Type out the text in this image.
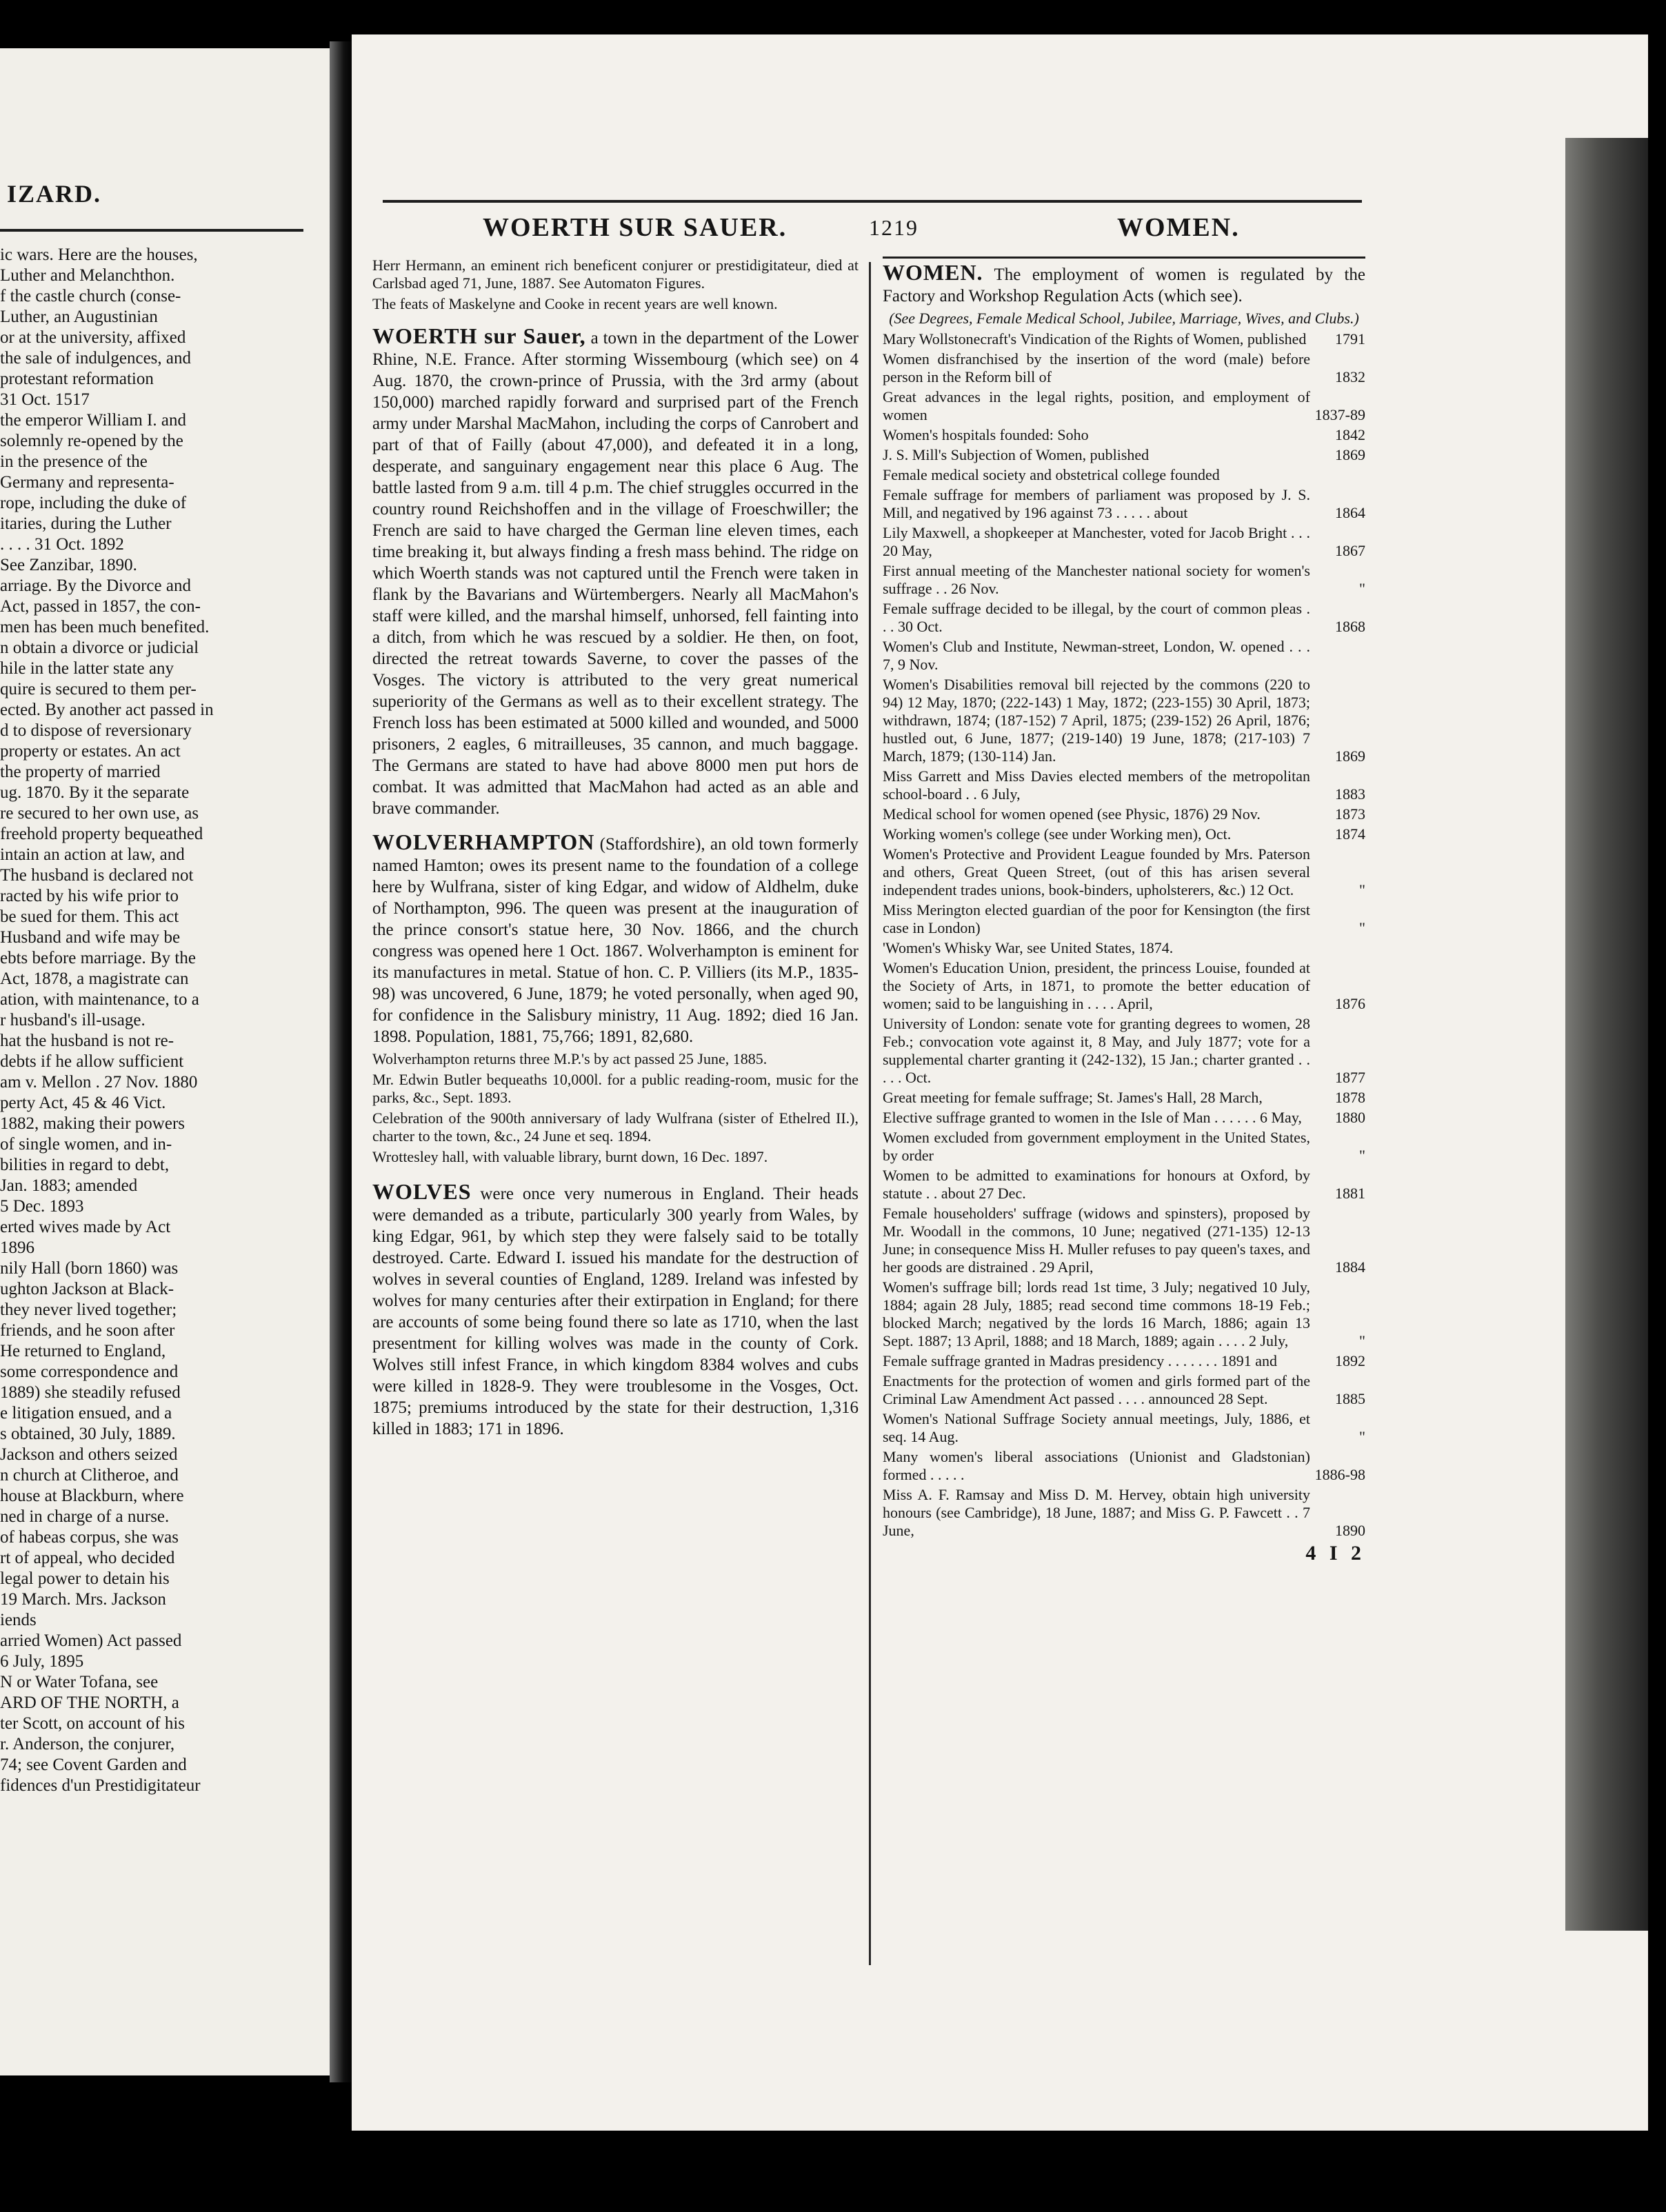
IZARD.

ic wars. Here are the houses,

Luther and Melanchthon.

f the castle church (conse-

Luther, an Augustinian

or at the university, affixed

the sale of indulgences, and

protestant reformation

31 Oct. 1517

the emperor William I. and

solemnly re-opened by the

in the presence of the

Germany and representa-

rope, including the duke of

itaries, during the Luther

. . . . 31 Oct. 1892

See Zanzibar, 1890.

arriage. By the Divorce and

Act, passed in 1857, the con-

men has been much benefited.

n obtain a divorce or judicial

hile in the latter state any

quire is secured to them per-

ected. By another act passed in

d to dispose of reversionary

property or estates. An act

the property of married

ug. 1870. By it the separate

re secured to her own use, as

freehold property bequeathed

intain an action at law, and

The husband is declared not

racted by his wife prior to

be sued for them. This act

Husband and wife may be

ebts before marriage. By the

Act, 1878, a magistrate can

ation, with maintenance, to a

r husband's ill-usage.

hat the husband is not re-

debts if he allow sufficient

am v. Mellon . 27 Nov. 1880

perty Act, 45 & 46 Vict.

1882, making their powers

of single women, and in-

bilities in regard to debt,

Jan. 1883; amended

5 Dec. 1893

erted wives made by Act

1896

nily Hall (born 1860) was

ughton Jackson at Black-

they never lived together;

friends, and he soon after

He returned to England,

some correspondence and

1889) she steadily refused

e litigation ensued, and a

s obtained, 30 July, 1889.

Jackson and others seized

n church at Clitheroe, and

house at Blackburn, where

ned in charge of a nurse.

of habeas corpus, she was

rt of appeal, who decided

legal power to detain his

19 March. Mrs. Jackson

iends

arried Women) Act passed

6 July, 1895

N or Water Tofana, see

ARD OF THE NORTH, a

ter Scott, on account of his

r. Anderson, the conjurer,

74; see Covent Garden and

fidences d'un Prestidigitateur

WOERTH SUR SAUER.	1219	WOMEN.

Herr Hermann, an eminent rich beneficent conjurer or prestidigitateur, died at Carlsbad aged 71, June, 1887. See Automaton Figures.

The feats of Maskelyne and Cooke in recent years are well known.

WOERTH sur Sauer, a town in the department of the Lower Rhine, N.E. France. After storming Wissembourg (which see) on 4 Aug. 1870, the crown-prince of Prussia, with the 3rd army (about 150,000) marched rapidly forward and surprised part of the French army under Marshal MacMahon, including the corps of Canrobert and part of that of Failly (about 47,000), and defeated it in a long, desperate, and sanguinary engagement near this place 6 Aug. The battle lasted from 9 a.m. till 4 p.m. The chief struggles occurred in the country round Reichshoffen and in the village of Froeschwiller; the French are said to have charged the German line eleven times, each time breaking it, but always finding a fresh mass behind. The ridge on which Woerth stands was not captured until the French were taken in flank by the Bavarians and Würtembergers. Nearly all MacMahon's staff were killed, and the marshal himself, unhorsed, fell fainting into a ditch, from which he was rescued by a soldier. He then, on foot, directed the retreat towards Saverne, to cover the passes of the Vosges. The victory is attributed to the very great numerical superiority of the Germans as well as to their excellent strategy. The French loss has been estimated at 5000 killed and wounded, and 5000 prisoners, 2 eagles, 6 mitrailleuses, 35 cannon, and much baggage. The Germans are stated to have had above 8000 men put hors de combat. It was admitted that MacMahon had acted as an able and brave commander.

WOLVERHAMPTON (Staffordshire), an old town formerly named Hamton; owes its present name to the foundation of a college here by Wulfrana, sister of king Edgar, and widow of Aldhelm, duke of Northampton, 996. The queen was present at the inauguration of the prince consort's statue here, 30 Nov. 1866, and the church congress was opened here 1 Oct. 1867. Wolverhampton is eminent for its manufactures in metal. Statue of hon. C. P. Villiers (its M.P., 1835-98) was uncovered, 6 June, 1879; he voted personally, when aged 90, for confidence in the Salisbury ministry, 11 Aug. 1892; died 16 Jan. 1898. Population, 1881, 75,766; 1891, 82,680.

Wolverhampton returns three M.P.'s by act passed 25 June, 1885.

Mr. Edwin Butler bequeaths 10,000l. for a public reading-room, music for the parks, &c., Sept. 1893.

Celebration of the 900th anniversary of lady Wulfrana (sister of Ethelred II.), charter to the town, &c., 24 June et seq. 1894.

Wrottesley hall, with valuable library, burnt down, 16 Dec. 1897.

WOLVES were once very numerous in England. Their heads were demanded as a tribute, particularly 300 yearly from Wales, by king Edgar, 961, by which step they were falsely said to be totally destroyed. Carte. Edward I. issued his mandate for the destruction of wolves in several counties of England, 1289. Ireland was infested by wolves for many centuries after their extirpation in England; for there are accounts of some being found there so late as 1710, when the last presentment for killing wolves was made in the county of Cork. Wolves still infest France, in which kingdom 8384 wolves and cubs were killed in 1828-9. They were troublesome in the Vosges, Oct. 1875; premiums introduced by the state for their destruction, 1,316 killed in 1883; 171 in 1896.

WOMEN. The employment of women is regulated by the Factory and Workshop Regulation Acts (which see).

(See Degrees, Female Medical School, Jubilee, Marriage, Wives, and Clubs.)

Mary Wollstonecraft's Vindication of the Rights of Women, published 1791
Women disfranchised by the insertion of the word (male) before person in the Reform bill of	1832
Great advances in the legal rights, position, and employment of women	1837-89
Women's hospitals founded: Soho	1842
J. S. Mill's Subjection of Women, published	1869
Female medical society and obstetrical college founded
Female suffrage for members of parliament was proposed by J. S. Mill, and negatived by 196 against 73 . . . . . about	1864
Lily Maxwell, a shopkeeper at Manchester, voted for Jacob Bright . . . 20 May,	1867
First annual meeting of the Manchester national society for women's suffrage . . 26 Nov.	"
Female suffrage decided to be illegal, by the court of common pleas . . . 30 Oct.	1868
Women's Club and Institute, Newman-street, London, W. opened . . . 7, 9 Nov.
Women's Disabilities removal bill rejected by the commons (220 to 94) 12 May, 1870; (222-143) 1 May, 1872; (223-155) 30 April, 1873; withdrawn, 1874; (187-152) 7 April, 1875; (239-152) 26 April, 1876; hustled out, 6 June, 1877; (219-140) 19 June, 1878; (217-103) 7 March, 1879; (130-114) Jan.	1869
Miss Garrett and Miss Davies elected members of the metropolitan school-board . . 6 July,	1883
Medical school for women opened (see Physic, 1876) 29 Nov.	1873
Working women's college (see under Working men), Oct.	1874
Women's Protective and Provident League founded by Mrs. Paterson and others, Great Queen Street, (out of this has arisen several independent trades unions, book-binders, upholsterers, &c.) 12 Oct.	"
Miss Merington elected guardian of the poor for Kensington (the first case in London)	"
'Women's Whisky War, see United States, 1874.
Women's Education Union, president, the princess Louise, founded at the Society of Arts, in 1871, to promote the better education of women; said to be languishing in . . . . April,	1876
University of London: senate vote for granting degrees to women, 28 Feb.; convocation vote against it, 8 May, and July 1877; vote for a supplemental charter granting it (242-132), 15 Jan.; charter granted . . . . . Oct.	1877
Great meeting for female suffrage; St. James's Hall, 28 March,	1878
Elective suffrage granted to women in the Isle of Man . . . . . . 6 May, 1880
Women excluded from government employment in the United States, by order	"
Women to be admitted to examinations for honours at Oxford, by statute . . about 27 Dec.	1881
Female householders' suffrage (widows and spinsters), proposed by Mr. Woodall in the commons, 10 June; negatived (271-135) 12-13 June; in consequence Miss H. Muller refuses to pay queen's taxes, and her goods are distrained . 29 April,	1884
Women's suffrage bill; lords read 1st time, 3 July; negatived 10 July, 1884; again 28 July, 1885; read second time commons 18-19 Feb.; blocked March; negatived by the lords 16 March, 1886; again 13 Sept. 1887; 13 April, 1888; and 18 March, 1889; again . . . . 2 July,	"
Female suffrage granted in Madras presidency . . . . . . . 1891 and	1892
Enactments for the protection of women and girls formed part of the Criminal Law Amendment Act passed . . . . announced 28 Sept.	1885
Women's National Suffrage Society annual meetings, July, 1886, et seq. 14 Aug.	"
Many women's liberal associations (Unionist and Gladstonian) formed . . . . .	1886-98
Miss A. F. Ramsay and Miss D. M. Hervey, obtain high university honours (see Cambridge), 18 June, 1887; and Miss G. P. Fawcett . . 7 June,	1890
4 I 2
